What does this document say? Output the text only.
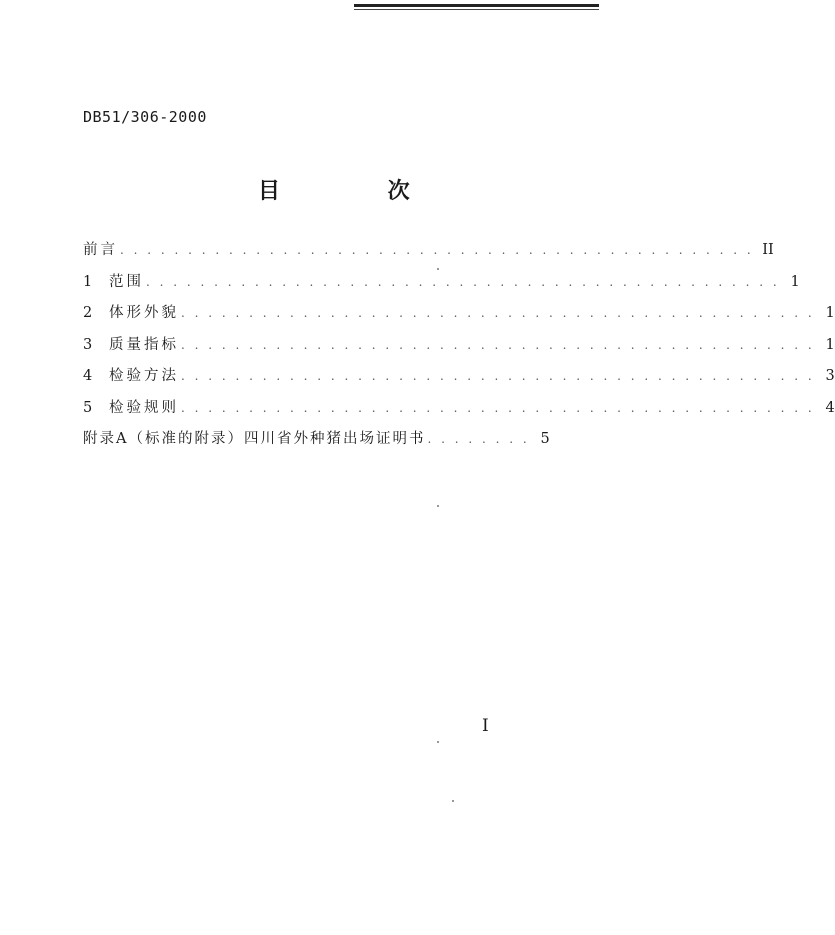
DB51/306-2000
目 次
前言 . . . . . . . . . . . . . . . . . . . . . . . . . . . . . . . . . . . . . . . . . . . . . . . II
1	范围 . . . . . . . . . . . . . . . . . . . . . . . . . . . . . . . . . . . . . . . . . . . . . . . 1
2	体形外貌 . . . . . . . . . . . . . . . . . . . . . . . . . . . . . . . . . . . . . . . . . . . . . . . 1
3	质量指标 . . . . . . . . . . . . . . . . . . . . . . . . . . . . . . . . . . . . . . . . . . . . . . . 1
4	检验方法 . . . . . . . . . . . . . . . . . . . . . . . . . . . . . . . . . . . . . . . . . . . . . . . 3
5	检验规则 . . . . . . . . . . . . . . . . . . . . . . . . . . . . . . . . . . . . . . . . . . . . . . . 4
附录A（标准的附录）四川省外种猪出场证明书 . . . . . . . . 5
I
